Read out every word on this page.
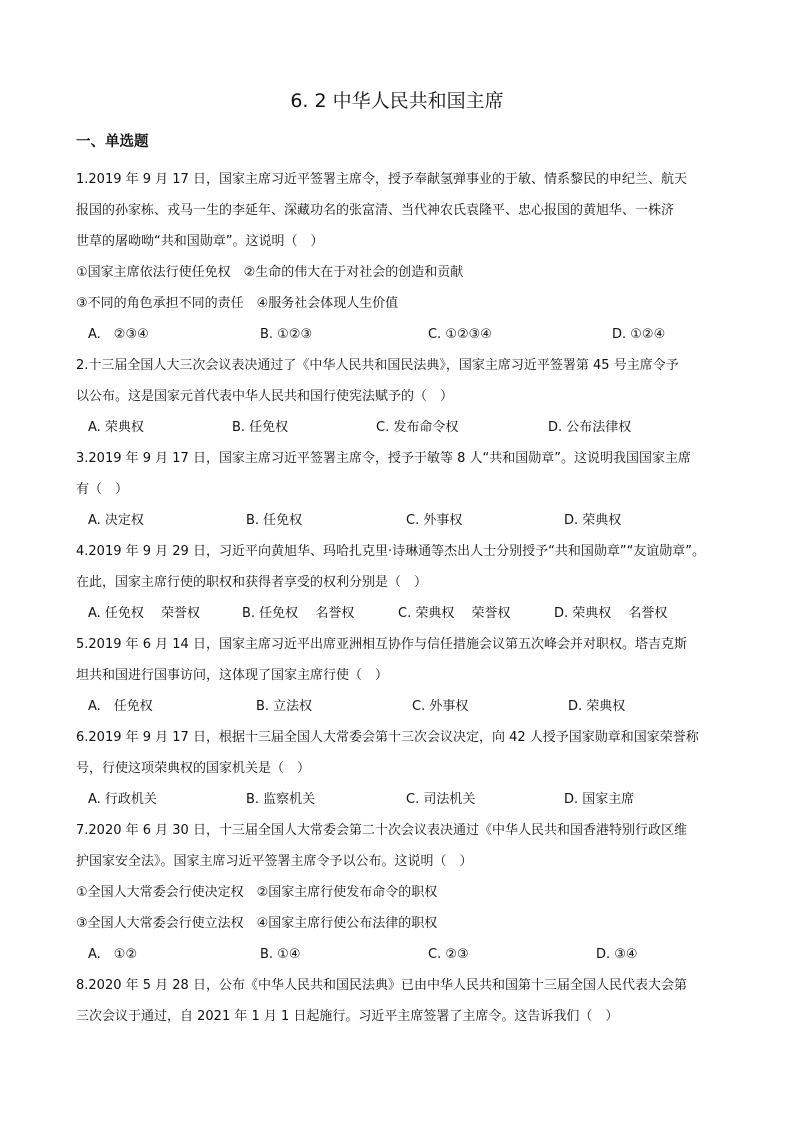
6. 2 中华人民共和国主席
一、单选题
1.2019 年 9 月 17 日，国家主席习近平签署主席令，授予奉献氢弹事业的于敏、情系黎民的申纪兰、航天
报国的孙家栋、戎马一生的李延年、深藏功名的张富清、当代神农氏袁隆平、忠心报国的黄旭华、一株济
世草的屠呦呦“共和国勋章”。这说明（　）
①国家主席依法行使任免权　②生命的伟大在于对社会的创造和贡献
③不同的角色承担不同的责任　④服务社会体现人生价值
A.　②③④	B. ①②③	C. ①②③④	D. ①②④
2.十三届全国人大三次会议表决通过了《中华人民共和国民法典》，国家主席习近平签署第 45 号主席令予
以公布。这是国家元首代表中华人民共和国行使宪法赋予的（　）
A. 荣典权	B. 任免权	C. 发布命令权	D. 公布法律权
3.2019 年 9 月 17 日，国家主席习近平签署主席令，授予于敏等 8 人“共和国勋章”。这说明我国国家主席
有（　）
A. 决定权	B. 任免权	C. 外事权	D. 荣典权
4.2019 年 9 月 29 日，习近平向黄旭华、玛哈扎克里·诗琳通等杰出人士分别授予“共和国勋章”“友谊勋章”。
在此，国家主席行使的职权和获得者享受的权利分别是（　）
A. 任免权　 荣誉权	B. 任免权　 名誉权	C. 荣典权　 荣誉权	D. 荣典权　 名誉权
5.2019 年 6 月 14 日，国家主席习近平出席亚洲相互协作与信任措施会议第五次峰会并对职权。塔吉克斯
坦共和国进行国事访问，这体现了国家主席行使（　）
A.　任免权	B. 立法权	C. 外事权	D. 荣典权
6.2019 年 9 月 17 日，根据十三届全国人大常委会第十三次会议决定，向 42 人授予国家勋章和国家荣誉称
号，行使这项荣典权的国家机关是（　）
A. 行政机关	B. 监察机关	C. 司法机关	D. 国家主席
7.2020 年 6 月 30 日，十三届全国人大常委会第二十次会议表决通过《中华人民共和国香港特别行政区维
护国家安全法》。国家主席习近平签署主席令予以公布。这说明（　）
①全国人大常委会行使决定权　②国家主席行使发布命令的职权
③全国人大常委会行使立法权　④国家主席行使公布法律的职权
A.　①②	B. ①④	C. ②③	D. ③④
8.2020 年 5 月 28 日，公布《中华人民共和国民法典》已由中华人民共和国第十三届全国人民代表大会第
三次会议于通过，自 2021 年 1 月 1 日起施行。习近平主席签署了主席令。这告诉我们（　）
